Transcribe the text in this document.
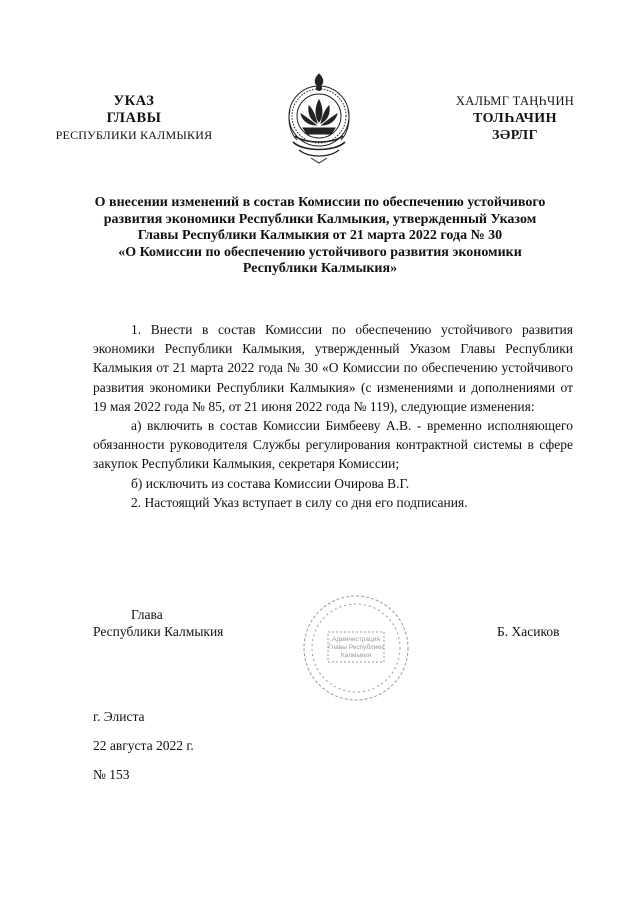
УКАЗ
ГЛАВЫ
РЕСПУБЛИКИ КАЛМЫКИЯ
ХАЛЬМГ ТАҢҺЧИН
ТОЛҺАЧИН
ЗӘРЛГ
О внесении изменений в состав Комиссии по обеспечению устойчивого
развития экономики Республики Калмыкия, утвержденный Указом
Главы Республики Калмыкия от 21 марта 2022 года № 30
«О Комиссии по обеспечению устойчивого развития экономики
Республики Калмыкия»

1. Внести в состав Комиссии по обеспечению устойчивого развития экономики Республики Калмыкия, утвержденный Указом Главы Республики Калмыкия от 21 марта 2022 года № 30 «О Комиссии по обеспечению устойчивого развития экономики Республики Калмыкия» (с изменениями и дополнениями от 19 мая 2022 года № 85, от 21 июня 2022 года № 119), следующие изменения:

а) включить в состав Комиссии Бимбееву А.В. - временно исполняющего обязанности руководителя Службы регулирования контрактной системы в сфере закупок Республики Калмыкия, секретаря Комиссии;

б) исключить из состава Комиссии Очирова В.Г.

2. Настоящий Указ вступает в силу со дня его подписания.

Глава
Республики Калмыкия
Администрация
Главы Республики
Калмыкия
Б. Хасиков
г. Элиста
22 августа 2022 г.
№ 153
